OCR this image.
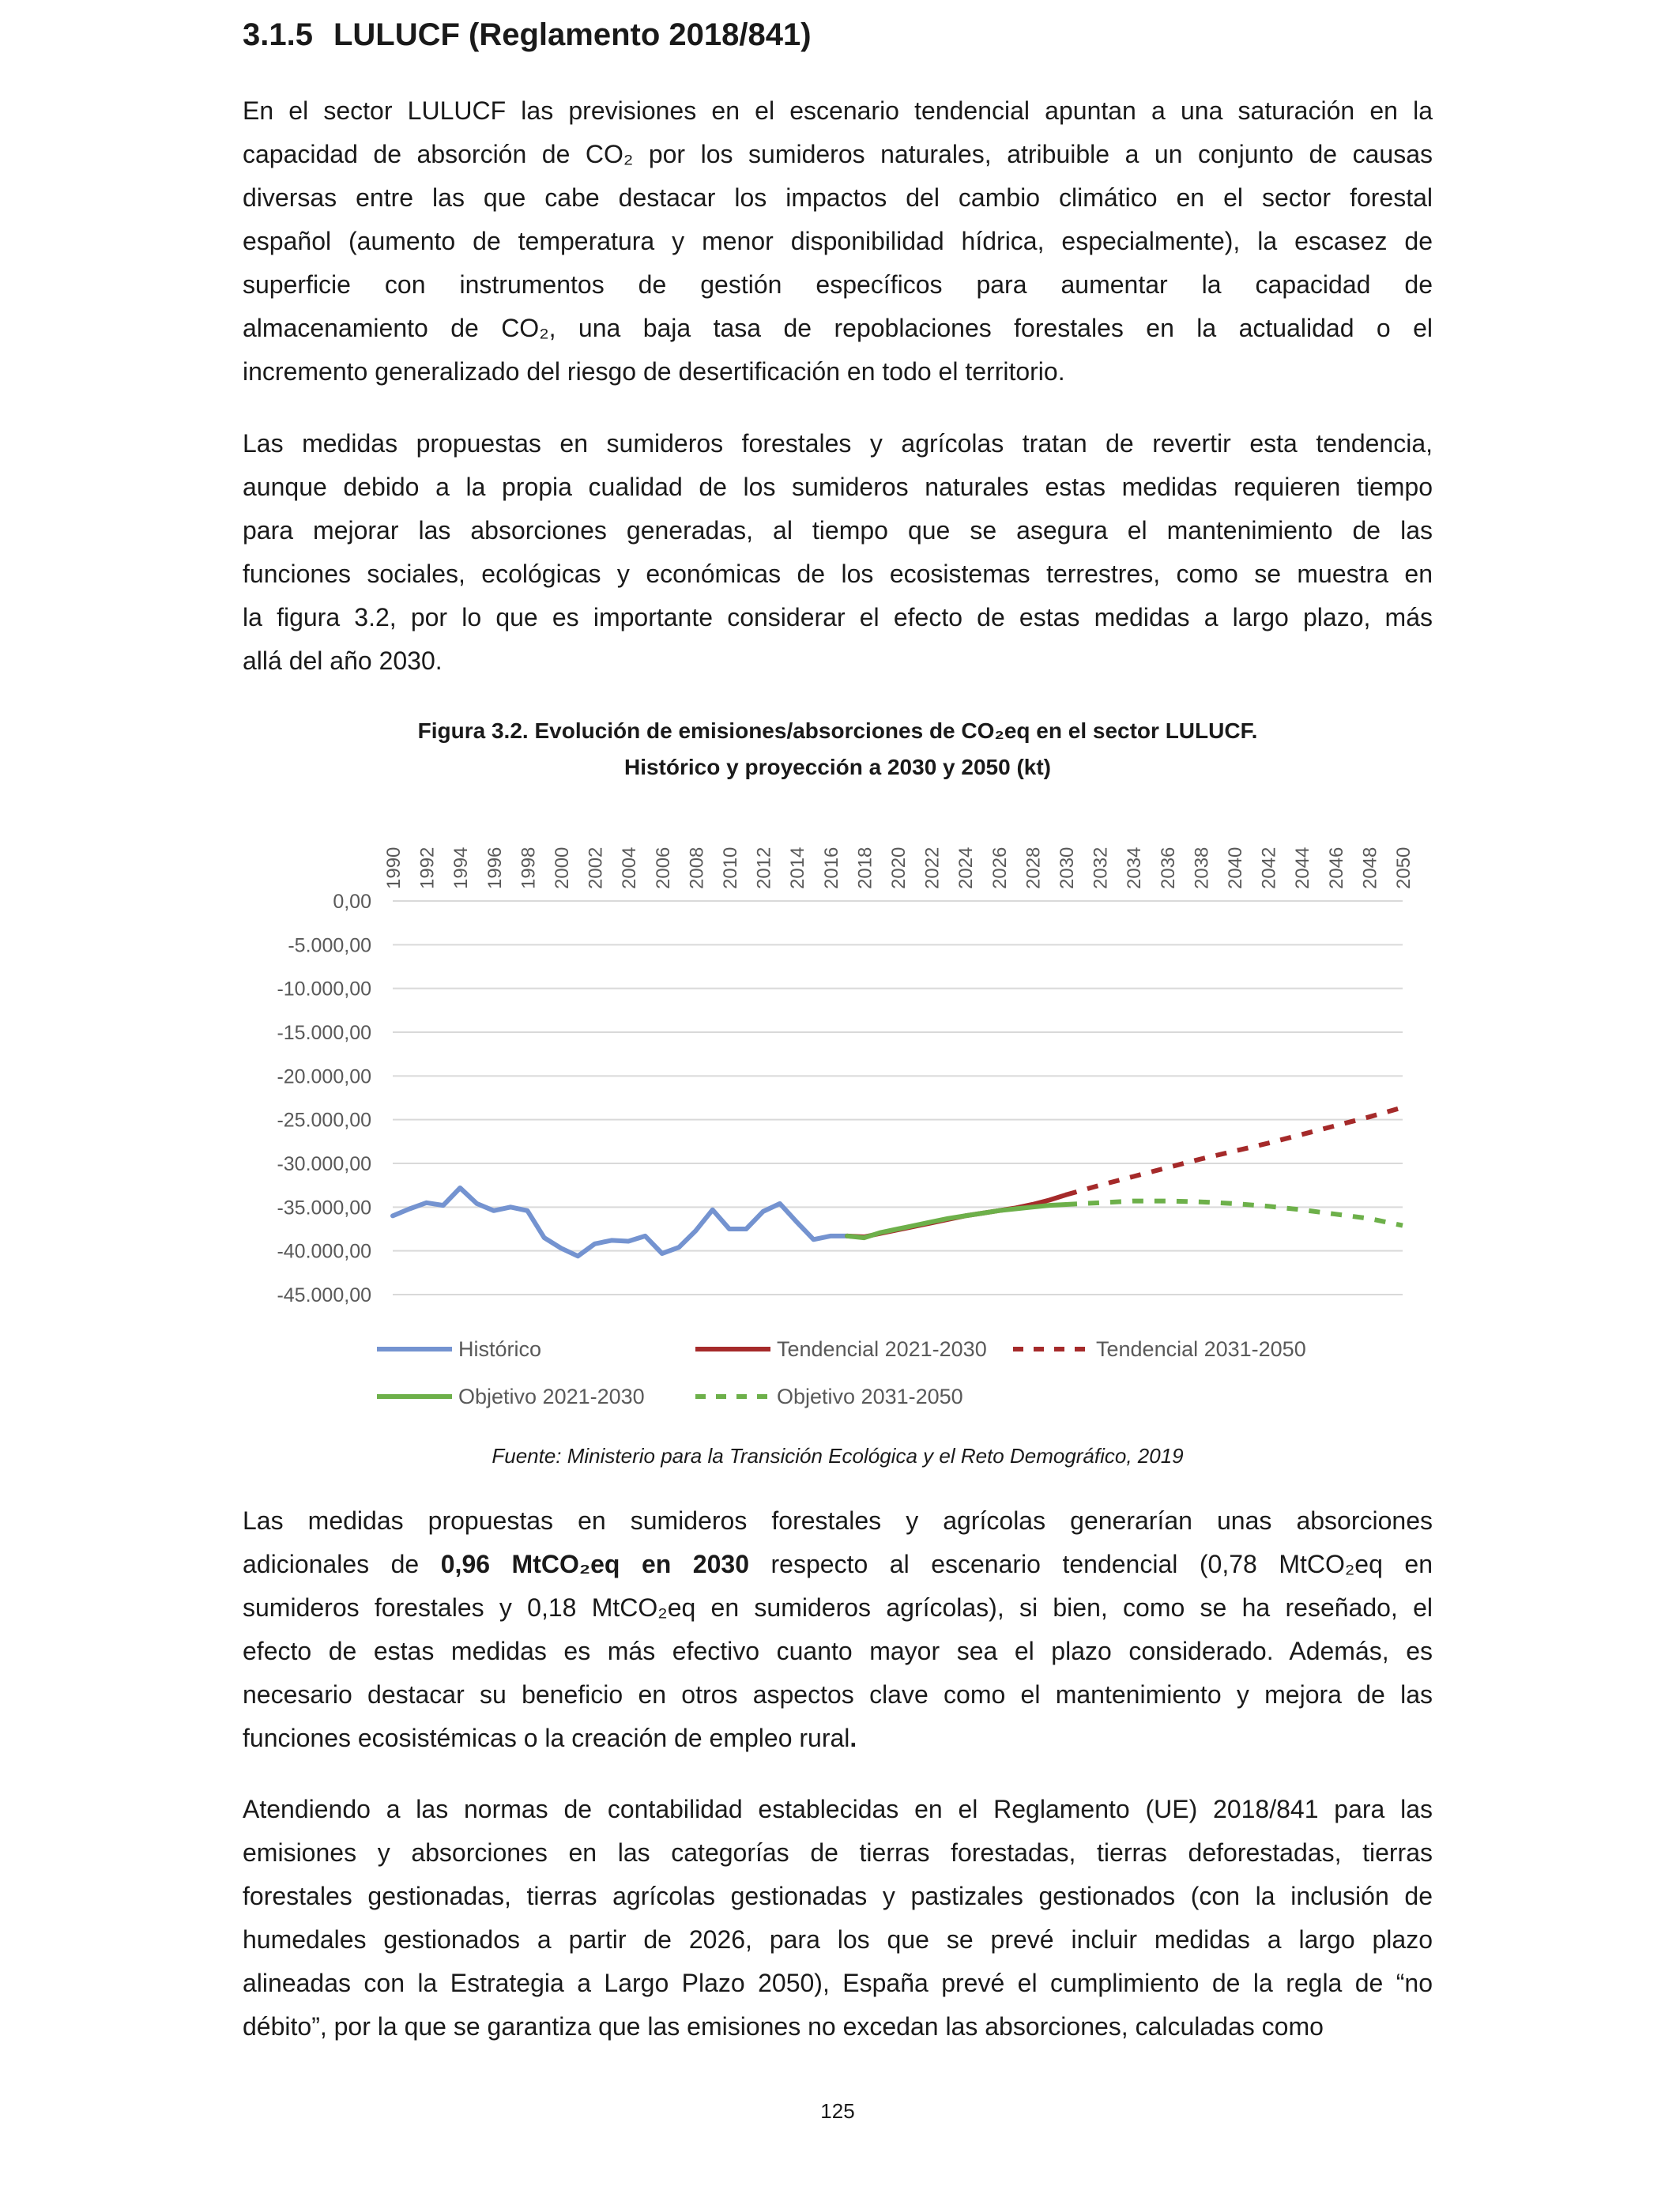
3.1.5 LULUCF (Reglamento 2018/841)
En el sector LULUCF las previsiones en el escenario tendencial apuntan a una saturación en la
capacidad de absorción de CO₂ por los sumideros naturales, atribuible a un conjunto de causas
diversas entre las que cabe destacar los impactos del cambio climático en el sector forestal
español (aumento de temperatura y menor disponibilidad hídrica, especialmente), la escasez de
superficie con instrumentos de gestión específicos para aumentar la capacidad de
almacenamiento de CO₂, una baja tasa de repoblaciones forestales en la actualidad o el
incremento generalizado del riesgo de desertificación en todo el territorio.
Las medidas propuestas en sumideros forestales y agrícolas tratan de revertir esta tendencia,
aunque debido a la propia cualidad de los sumideros naturales estas medidas requieren tiempo
para mejorar las absorciones generadas, al tiempo que se asegura el mantenimiento de las
funciones sociales, ecológicas y económicas de los ecosistemas terrestres, como se muestra en
la figura 3.2, por lo que es importante considerar el efecto de estas medidas a largo plazo, más
allá del año 2030.
Figura 3.2. Evolución de emisiones/absorciones de CO₂eq en el sector LULUCF.
Histórico y proyección a 2030 y 2050 (kt)
0,00
-5.000,00
-10.000,00
-15.000,00
-20.000,00
-25.000,00
-30.000,00
-35.000,00
-40.000,00
-45.000,00
1990 1992 1994 1996 1998 2000 2002 2004 2006 2008 2010 2012 2014 2016 2018 2020 2022 2024 2026 2028 2030 2032 2034 2036 2038 2040 2042 2044 2046 2048 2050
Histórico	Tendencial 2021-2030	Tendencial 2031-2050
Objetivo 2021-2030	Objetivo 2031-2050
Fuente: Ministerio para la Transición Ecológica y el Reto Demográfico, 2019
Las medidas propuestas en sumideros forestales y agrícolas generarían unas absorciones
adicionales de 0,96 MtCO₂eq en 2030 respecto al escenario tendencial (0,78 MtCO₂eq en
sumideros forestales y 0,18 MtCO₂eq en sumideros agrícolas), si bien, como se ha reseñado, el
efecto de estas medidas es más efectivo cuanto mayor sea el plazo considerado. Además, es
necesario destacar su beneficio en otros aspectos clave como el mantenimiento y mejora de las
funciones ecosistémicas o la creación de empleo rural.
Atendiendo a las normas de contabilidad establecidas en el Reglamento (UE) 2018/841 para las
emisiones y absorciones en las categorías de tierras forestadas, tierras deforestadas, tierras
forestales gestionadas, tierras agrícolas gestionadas y pastizales gestionados (con la inclusión de
humedales gestionados a partir de 2026, para los que se prevé incluir medidas a largo plazo
alineadas con la Estrategia a Largo Plazo 2050), España prevé el cumplimiento de la regla de “no
débito”, por la que se garantiza que las emisiones no excedan las absorciones, calculadas como
125
